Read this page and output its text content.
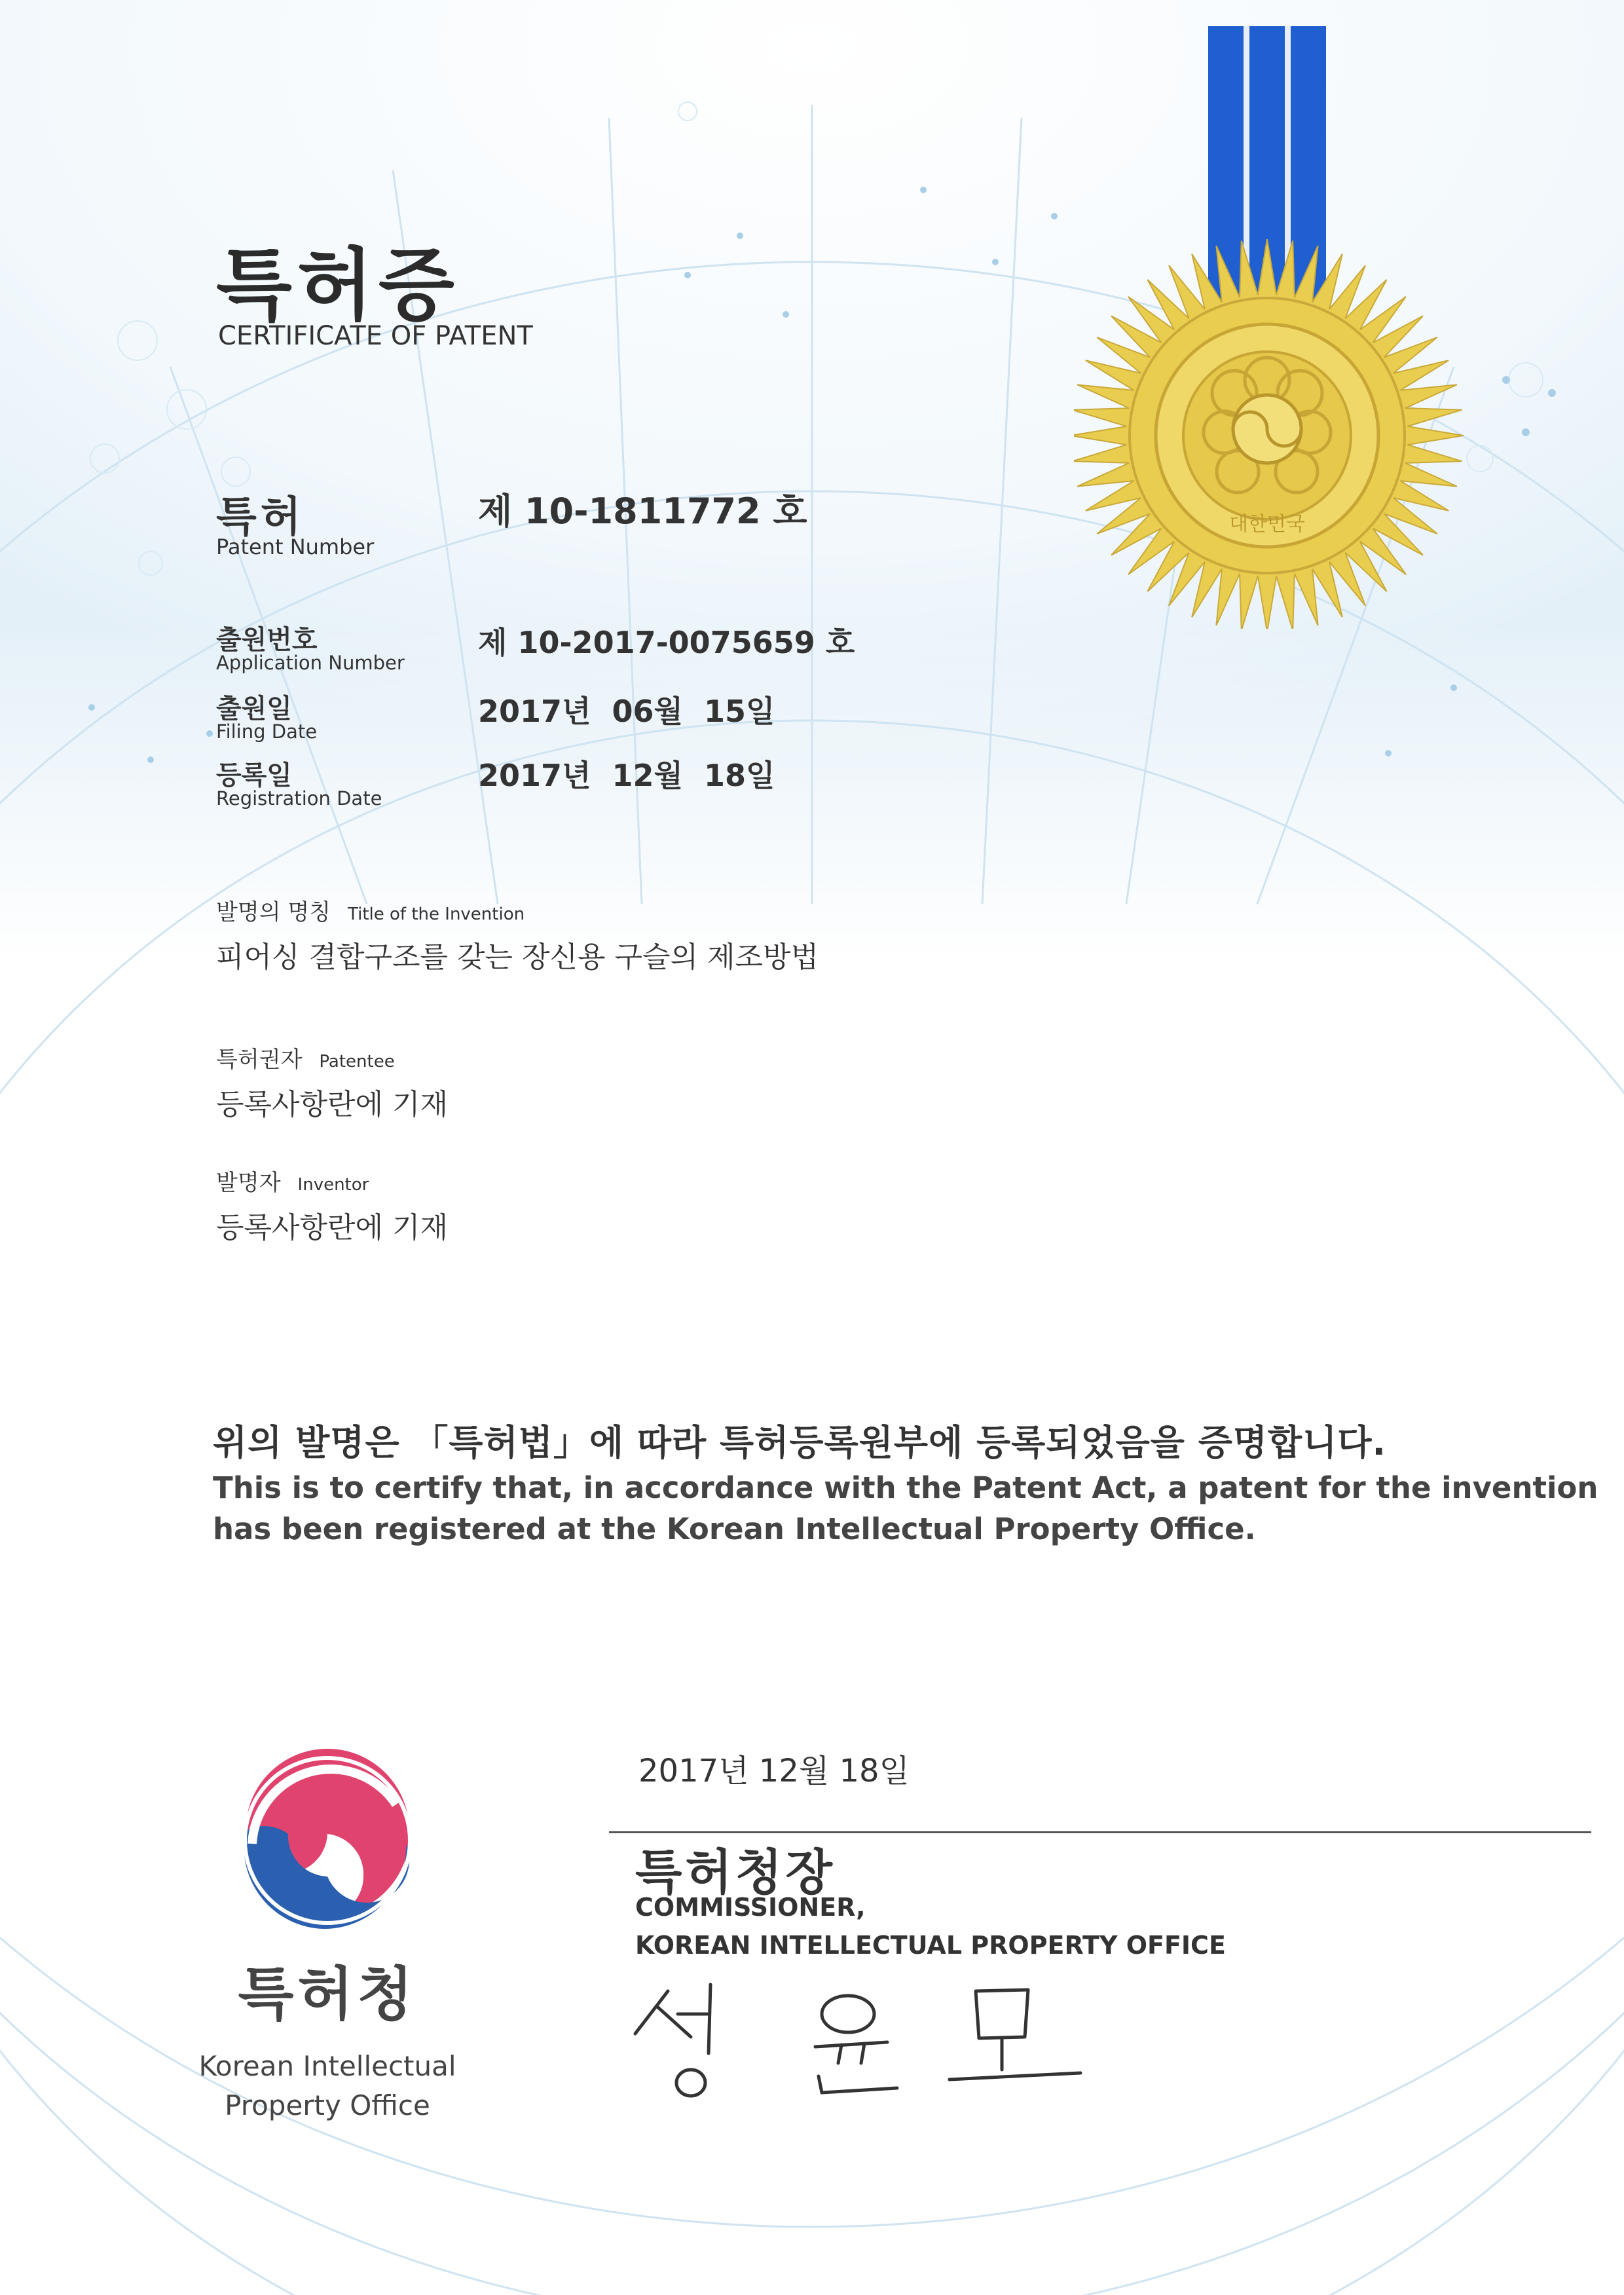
특허증
CERTIFICATE OF PATENT
대한민국
특허
Patent Number
제 10-1811772 호
출원번호
Application Number
제 10-2017-0075659 호
출원일
Filing Date
2017년  06월  15일
등록일
Registration Date
2017년  12월  18일
발명의 명칭 Title of the Invention
피어싱 결합구조를 갖는 장신용 구슬의 제조방법
특허권자 Patentee
등록사항란에 기재
발명자 Inventor
등록사항란에 기재
위의 발명은 「특허법」에 따라 특허등록원부에 등록되었음을 증명합니다.
This is to certify that, in accordance with the Patent Act, a patent for the invention
has been registered at the Korean Intellectual Property Office.
특허청
Korean Intellectual
Property Office
2017년 12월 18일
특허청장
COMMISSIONER,
KOREAN INTELLECTUAL PROPERTY OFFICE
